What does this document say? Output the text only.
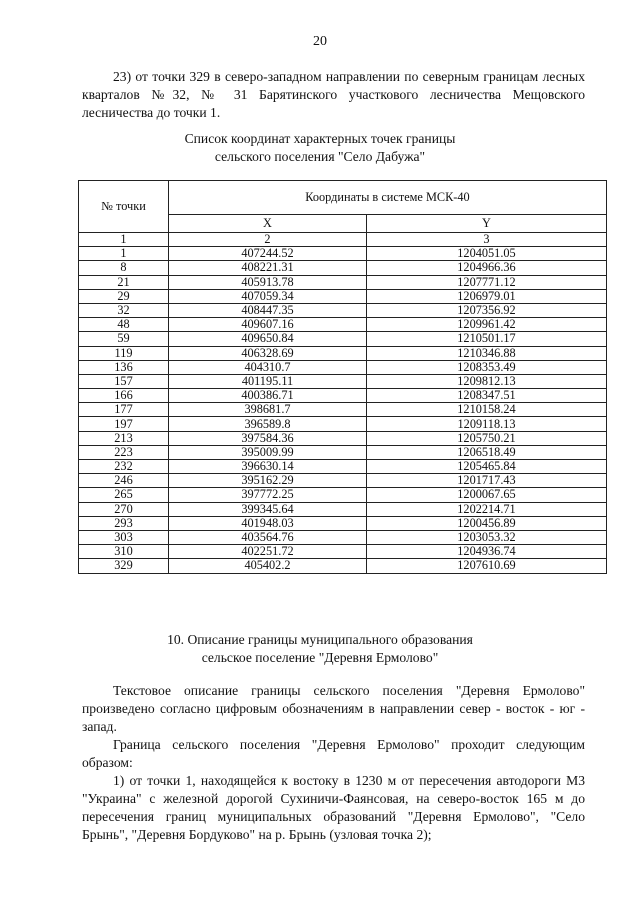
20
23) от точки 329 в северо-западном направлении по северным границам лесных кварталов №32, № 31 Барятинского участкового лесничества Мещовского лесничества до точки 1.
Список координат характерных точек границы
сельского поселения "Село Дабужа"
№ точки	Координаты в системе МСК-40	
	X	Y
1	2	3
1	407244.52	1204051.05
8	408221.31	1204966.36
21	405913.78	1207771.12
29	407059.34	1206979.01
32	408447.35	1207356.92
48	409607.16	1209961.42
59	409650.84	1210501.17
119	406328.69	1210346.88
136	404310.7	1208353.49
157	401195.11	1209812.13
166	400386.71	1208347.51
177	398681.7	1210158.24
197	396589.8	1209118.13
213	397584.36	1205750.21
223	395009.99	1206518.49
232	396630.14	1205465.84
246	395162.29	1201717.43
265	397772.25	1200067.65
270	399345.64	1202214.71
293	401948.03	1200456.89
303	403564.76	1203053.32
310	402251.72	1204936.74
329	405402.2	1207610.69
10. Описание границы муниципального образования
сельское поселение "Деревня Ермолово"
Текстовое описание границы сельского поселения "Деревня Ермолово" произведено согласно цифровым обозначениям в направлении север - восток - юг - запад.
Граница сельского поселения "Деревня Ермолово" проходит следующим образом:
1) от точки 1, находящейся к востоку в 1230 м от пересечения автодороги М3 "Украина" с железной дорогой Сухиничи-Фаянсовая, на северо-восток 165 м до пересечения границ муниципальных образований "Деревня Ермолово", "Село Брынь", "Деревня Бордуково" на р. Брынь (узловая точка 2);
